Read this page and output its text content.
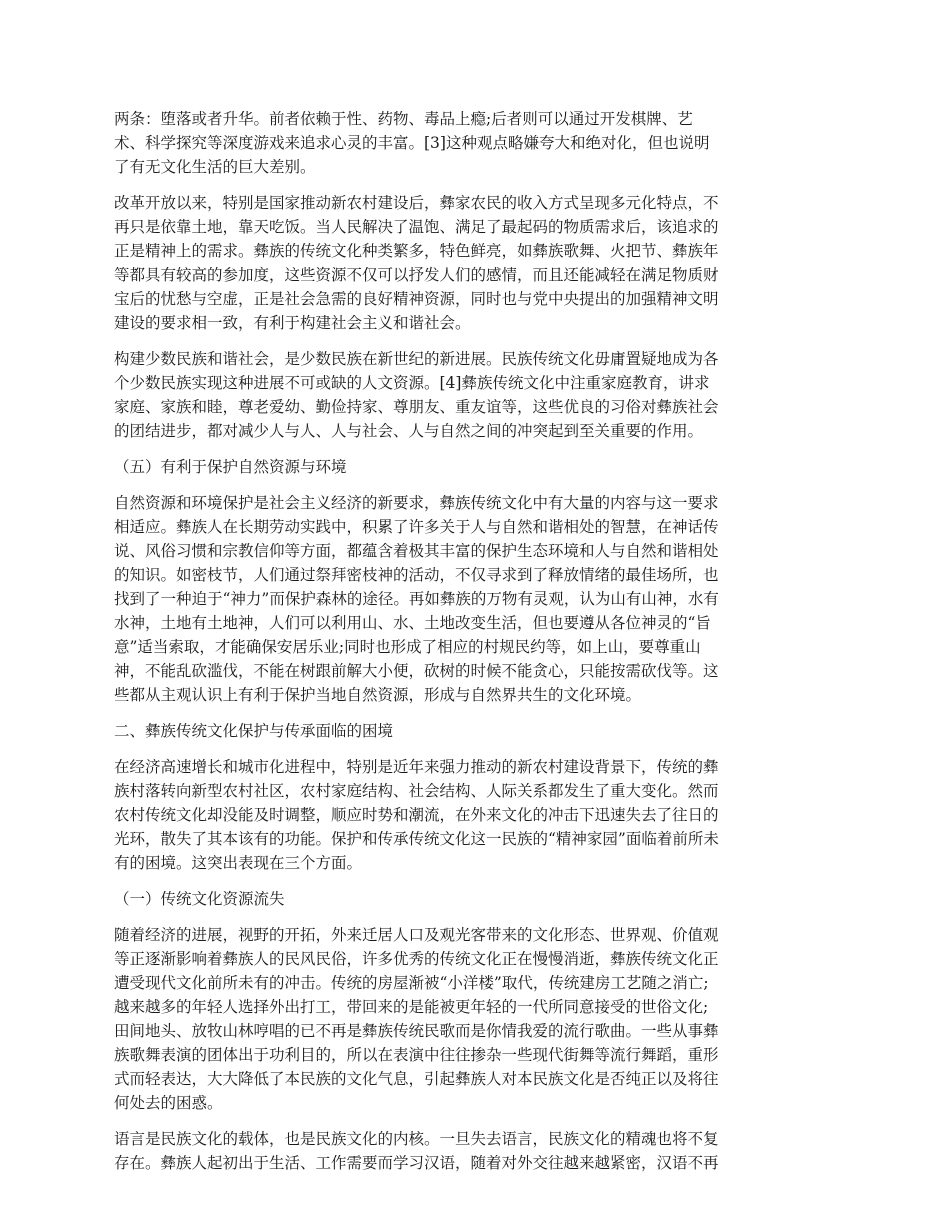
两条：堕落或者升华。前者依赖于性、药物、毒品上瘾;后者则可以通过开发棋牌、艺
术、科学探究等深度游戏来追求心灵的丰富。[3]这种观点略嫌夸大和绝对化，但也说明
了有无文化生活的巨大差别。
改革开放以来，特别是国家推动新农村建设后，彝家农民的收入方式呈现多元化特点，不
再只是依靠土地，靠天吃饭。当人民解决了温饱、满足了最起码的物质需求后，该追求的
正是精神上的需求。彝族的传统文化种类繁多，特色鲜亮，如彝族歌舞、火把节、彝族年
等都具有较高的参加度，这些资源不仅可以抒发人们的感情，而且还能减轻在满足物质财
宝后的忧愁与空虚，正是社会急需的良好精神资源，同时也与党中央提出的加强精神文明
建设的要求相一致，有利于构建社会主义和谐社会。
构建少数民族和谐社会，是少数民族在新世纪的新进展。民族传统文化毋庸置疑地成为各
个少数民族实现这种进展不可或缺的人文资源。[4]彝族传统文化中注重家庭教育，讲求
家庭、家族和睦，尊老爱幼、勤俭持家、尊朋友、重友谊等，这些优良的习俗对彝族社会
的团结进步，都对减少人与人、人与社会、人与自然之间的冲突起到至关重要的作用。
（五）有利于保护自然资源与环境
自然资源和环境保护是社会主义经济的新要求，彝族传统文化中有大量的内容与这一要求
相适应。彝族人在长期劳动实践中，积累了许多关于人与自然和谐相处的智慧，在神话传
说、风俗习惯和宗教信仰等方面，都蕴含着极其丰富的保护生态环境和人与自然和谐相处
的知识。如密枝节，人们通过祭拜密枝神的活动，不仅寻求到了释放情绪的最佳场所，也
找到了一种迫于“神力”而保护森林的途径。再如彝族的万物有灵观，认为山有山神，水有
水神，土地有土地神，人们可以利用山、水、土地改变生活，但也要遵从各位神灵的“旨
意”适当索取，才能确保安居乐业;同时也形成了相应的村规民约等，如上山，要尊重山
神，不能乱砍滥伐，不能在树跟前解大小便，砍树的时候不能贪心，只能按需砍伐等。这
些都从主观认识上有利于保护当地自然资源，形成与自然界共生的文化环境。
二、彝族传统文化保护与传承面临的困境
在经济高速增长和城市化进程中，特别是近年来强力推动的新农村建设背景下，传统的彝
族村落转向新型农村社区，农村家庭结构、社会结构、人际关系都发生了重大变化。然而
农村传统文化却没能及时调整，顺应时势和潮流，在外来文化的冲击下迅速失去了往日的
光环，散失了其本该有的功能。保护和传承传统文化这一民族的“精神家园”面临着前所未
有的困境。这突出表现在三个方面。
（一）传统文化资源流失
随着经济的进展，视野的开拓，外来迁居人口及观光客带来的文化形态、世界观、价值观
等正逐渐影响着彝族人的民风民俗，许多优秀的传统文化正在慢慢消逝，彝族传统文化正
遭受现代文化前所未有的冲击。传统的房屋渐被“小洋楼”取代，传统建房工艺随之消亡;
越来越多的年轻人选择外出打工，带回来的是能被更年轻的一代所同意接受的世俗文化;
田间地头、放牧山林哼唱的已不再是彝族传统民歌而是你情我爱的流行歌曲。一些从事彝
族歌舞表演的团体出于功利目的，所以在表演中往往掺杂一些现代街舞等流行舞蹈，重形
式而轻表达，大大降低了本民族的文化气息，引起彝族人对本民族文化是否纯正以及将往
何处去的困惑。
语言是民族文化的载体，也是民族文化的内核。一旦失去语言，民族文化的精魂也将不复
存在。彝族人起初出于生活、工作需要而学习汉语，随着对外交往越来越紧密，汉语不再
